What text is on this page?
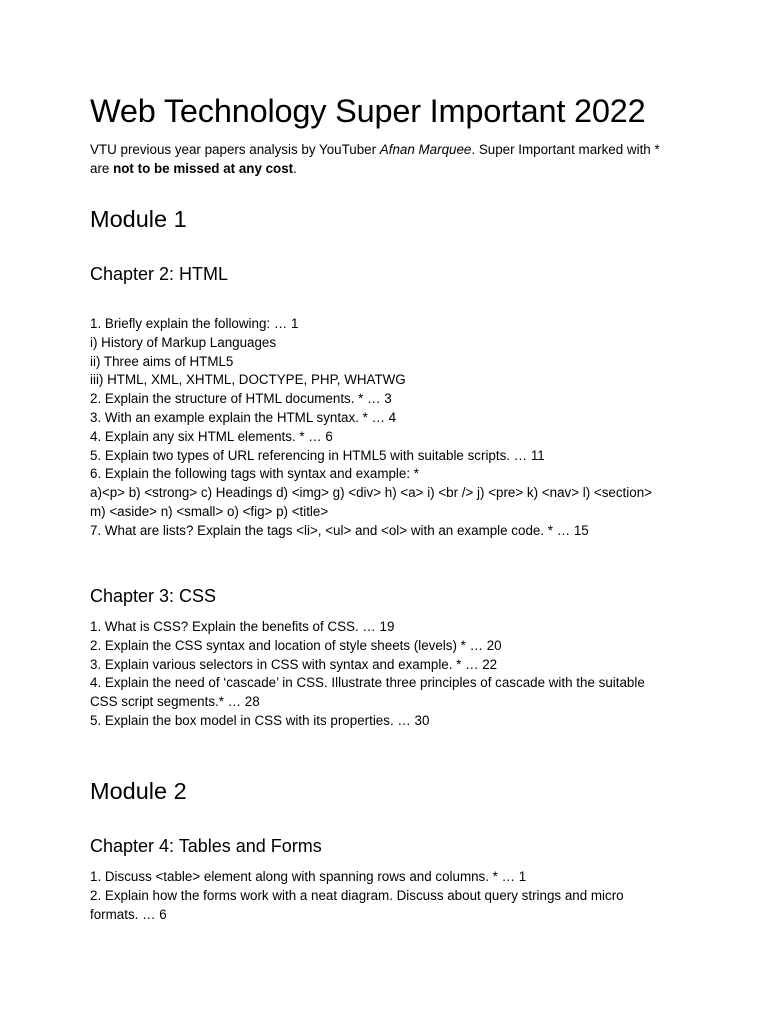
Web Technology Super Important 2022
VTU previous year papers analysis by YouTuber Afnan Marquee. Super Important marked with *
are not to be missed at any cost.
Module 1
Chapter 2: HTML
1. Briefly explain the following: … 1
i) History of Markup Languages
ii) Three aims of HTML5
iii) HTML, XML, XHTML, DOCTYPE, PHP, WHATWG
2. Explain the structure of HTML documents. * … 3
3. With an example explain the HTML syntax. * … 4
4. Explain any six HTML elements. * … 6
5. Explain two types of URL referencing in HTML5 with suitable scripts. … 11
6. Explain the following tags with syntax and example: *
a)<p> b) <strong> c) Headings d) <img> g) <div> h) <a> i) <br /> j) <pre> k) <nav> l) <section>
m) <aside> n) <small> o) <fig> p) <title>
7. What are lists? Explain the tags <li>, <ul> and <ol> with an example code. * … 15
Chapter 3: CSS
1. What is CSS? Explain the benefits of CSS. … 19
2. Explain the CSS syntax and location of style sheets (levels) * … 20
3. Explain various selectors in CSS with syntax and example. * … 22
4. Explain the need of ‘cascade’ in CSS. Illustrate three principles of cascade with the suitable
CSS script segments.* … 28
5. Explain the box model in CSS with its properties. … 30
Module 2
Chapter 4: Tables and Forms
1. Discuss <table> element along with spanning rows and columns. * … 1
2. Explain how the forms work with a neat diagram. Discuss about query strings and micro
formats. … 6
